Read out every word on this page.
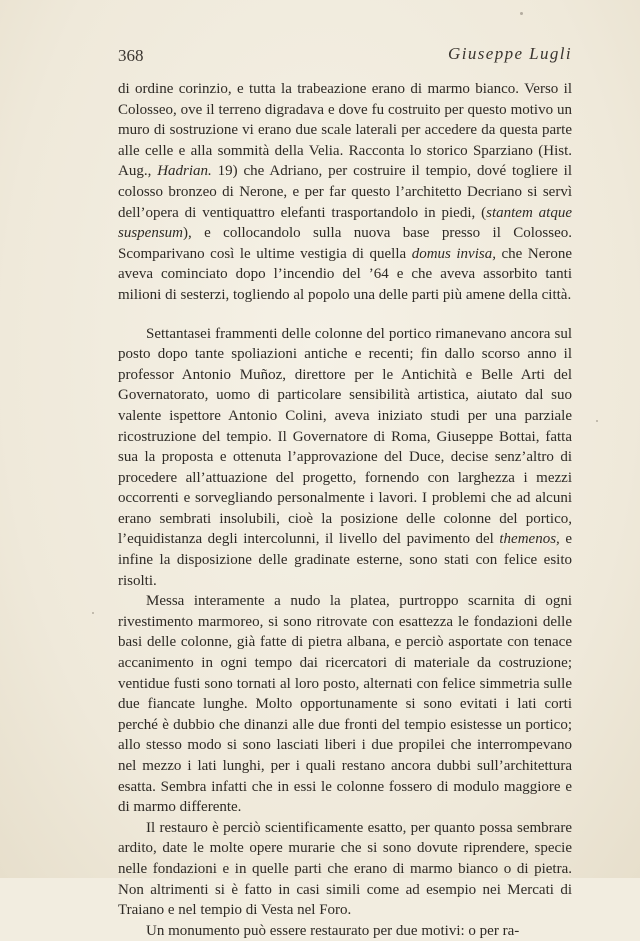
368	Giuseppe Lugli

di ordine corinzio, e tutta la trabeazione erano di marmo bianco. Verso il Colosseo, ove il terreno digradava e dove fu costruito per questo motivo un muro di sostruzione vi erano due scale laterali per accedere da questa parte alle celle e alla sommità della Velia. Racconta lo storico Sparziano (Hist. Aug., Hadrian. 19) che Adriano, per costruire il tempio, dové togliere il colosso bronzeo di Nerone, e per far questo l’architetto Decriano si servì dell’opera di ventiquattro elefanti trasportandolo in piedi, (stantem atque suspensum), e collocandolo sulla nuova base presso il Colosseo. Scomparivano così le ultime vestigia di quella domus invisa, che Nerone aveva cominciato dopo l’incendio del ’64 e che aveva assorbito tanti milioni di sesterzi, togliendo al popolo una delle parti più amene della città.

Settantasei frammenti delle colonne del portico rimanevano ancora sul posto dopo tante spoliazioni antiche e recenti; fin dallo scorso anno il professor Antonio Muñoz, direttore per le Antichità e Belle Arti del Governatorato, uomo di particolare sensibilità artistica, aiutato dal suo valente ispettore Antonio Colini, aveva iniziato studi per una parziale ricostruzione del tempio. Il Governatore di Roma, Giuseppe Bottai, fatta sua la proposta e ottenuta l’approvazione del Duce, decise senz’altro di procedere all’attuazione del progetto, fornendo con larghezza i mezzi occorrenti e sorvegliando personalmente i lavori. I problemi che ad alcuni erano sembrati insolubili, cioè la posizione delle colonne del portico, l’equidistanza degli intercolunni, il livello del pavimento del themenos, e infine la disposizione delle gradinate esterne, sono stati con felice esito risolti.

Messa interamente a nudo la platea, purtroppo scarnita di ogni rivestimento marmoreo, si sono ritrovate con esattezza le fondazioni delle basi delle colonne, già fatte di pietra albana, e perciò asportate con tenace accanimento in ogni tempo dai ricercatori di materiale da costruzione; ventidue fusti sono tornati al loro posto, alternati con felice simmetria sulle due fiancate lunghe. Molto opportunamente si sono evitati i lati corti perché è dubbio che dinanzi alle due fronti del tempio esistesse un portico; allo stesso modo si sono lasciati liberi i due propilei che interrompevano nel mezzo i lati lunghi, per i quali restano ancora dubbi sull’architettura esatta. Sembra infatti che in essi le colonne fossero di modulo maggiore e di marmo differente.

Il restauro è perciò scientificamente esatto, per quanto possa sembrare ardito, date le molte opere murarie che si sono dovute riprendere, specie nelle fondazioni e in quelle parti che erano di marmo bianco o di pietra. Non altrimenti si è fatto in casi simili come ad esempio nei Mercati di Traiano e nel tempio di Vesta nel Foro.

Un monumento può essere restaurato per due motivi: o per ra-
